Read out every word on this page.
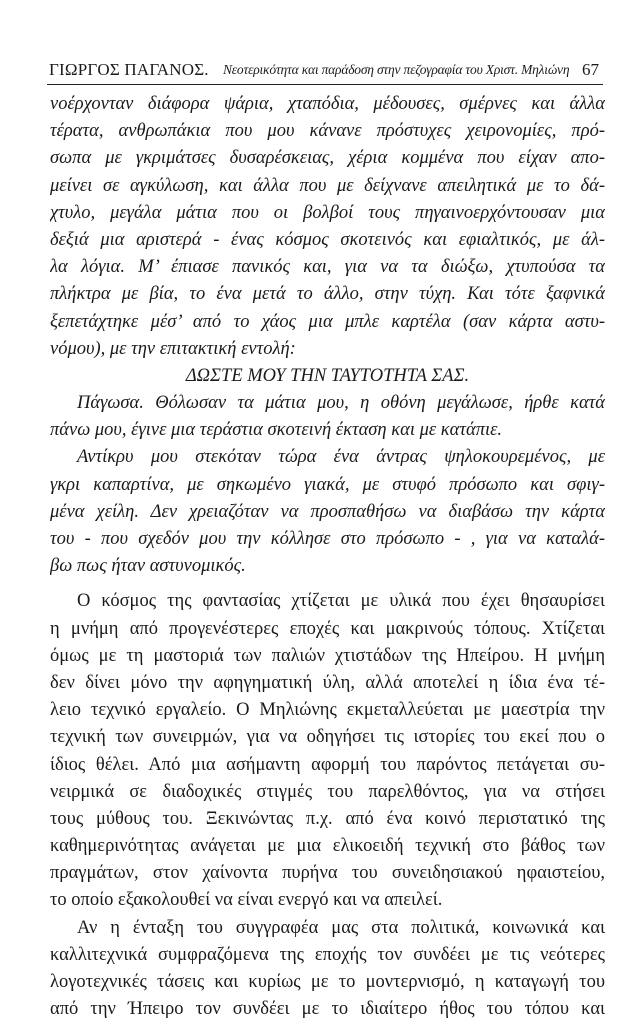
ΓΙΩΡΓΟΣ ΠΑΓΑΝΟΣ. Νεοτερικότητα και παράδοση στην πεζογραφία του Χριστ. Μηλιώνη 67
νοέρχονταν διάφορα ψάρια, χταπόδια, μέδουσες, σμέρνες και άλλα
τέρατα, ανθρωπάκια που μου κάνανε πρόστυχες χειρονομίες, πρό-
σωπα με γκριμάτσες δυσαρέσκειας, χέρια κομμένα που είχαν απο-
μείνει σε αγκύλωση, και άλλα που με δείχνανε απειλητικά με το δά-
χτυλο, μεγάλα μάτια που οι βολβοί τους πηγαινοερχόντουσαν μια
δεξιά μια αριστερά - ένας κόσμος σκοτεινός και εφιαλτικός, με άλ-
λα λόγια. Μ’ έπιασε πανικός και, για να τα διώξω, χτυπούσα τα
πλήκτρα με βία, το ένα μετά το άλλο, στην τύχη. Και τότε ξαφνικά
ξεπετάχτηκε μέσ’ από το χάος μια μπλε καρτέλα (σαν κάρτα αστυ-
νόμου), με την επιτακτική εντολή:
ΔΩΣΤΕ ΜΟΥ ΤΗΝ ΤΑΥΤΟΤΗΤΑ ΣΑΣ.
Πάγωσα. Θόλωσαν τα μάτια μου, η οθόνη μεγάλωσε, ήρθε κατά
πάνω μου, έγινε μια τεράστια σκοτεινή έκταση και με κατάπιε.
Αντίκρυ μου στεκόταν τώρα ένα άντρας ψηλοκουρεμένος, με
γκρι καπαρτίνα, με σηκωμένο γιακά, με στυφό πρόσωπο και σφιγ-
μένα χείλη. Δεν χρειαζόταν να προσπαθήσω να διαβάσω την κάρτα
του - που σχεδόν μου την κόλλησε στο πρόσωπο - , για να καταλά-
βω πως ήταν αστυνομικός.
Ο κόσμος της φαντασίας χτίζεται με υλικά που έχει θησαυρίσει
η μνήμη από προγενέστερες εποχές και μακρινούς τόπους. Χτίζεται
όμως με τη μαστοριά των παλιών χτιστάδων της Ηπείρου. Η μνήμη
δεν δίνει μόνο την αφηγηματική ύλη, αλλά αποτελεί η ίδια ένα τέ-
λειο τεχνικό εργαλείο. Ο Μηλιώνης εκμεταλλεύεται με μαεστρία την
τεχνική των συνειρμών, για να οδηγήσει τις ιστορίες του εκεί που ο
ίδιος θέλει. Από μια ασήμαντη αφορμή του παρόντος πετάγεται συ-
νειρμικά σε διαδοχικές στιγμές του παρελθόντος, για να στήσει
τους μύθους του. Ξεκινώντας π.χ. από ένα κοινό περιστατικό της
καθημερινότητας ανάγεται με μια ελικοειδή τεχνική στο βάθος των
πραγμάτων, στον χαίνοντα πυρήνα του συνειδησιακού ηφαιστείου,
το οποίο εξακολουθεί να είναι ενεργό και να απειλεί.
Αν η ένταξη του συγγραφέα μας στα πολιτικά, κοινωνικά και
καλλιτεχνικά συμφραζόμενα της εποχής τον συνδέει με τις νεότερες
λογοτεχνικές τάσεις και κυρίως με το μοντερνισμό, η καταγωγή του
από την Ήπειρο τον συνδέει με το ιδιαίτερο ήθος του τόπου και
